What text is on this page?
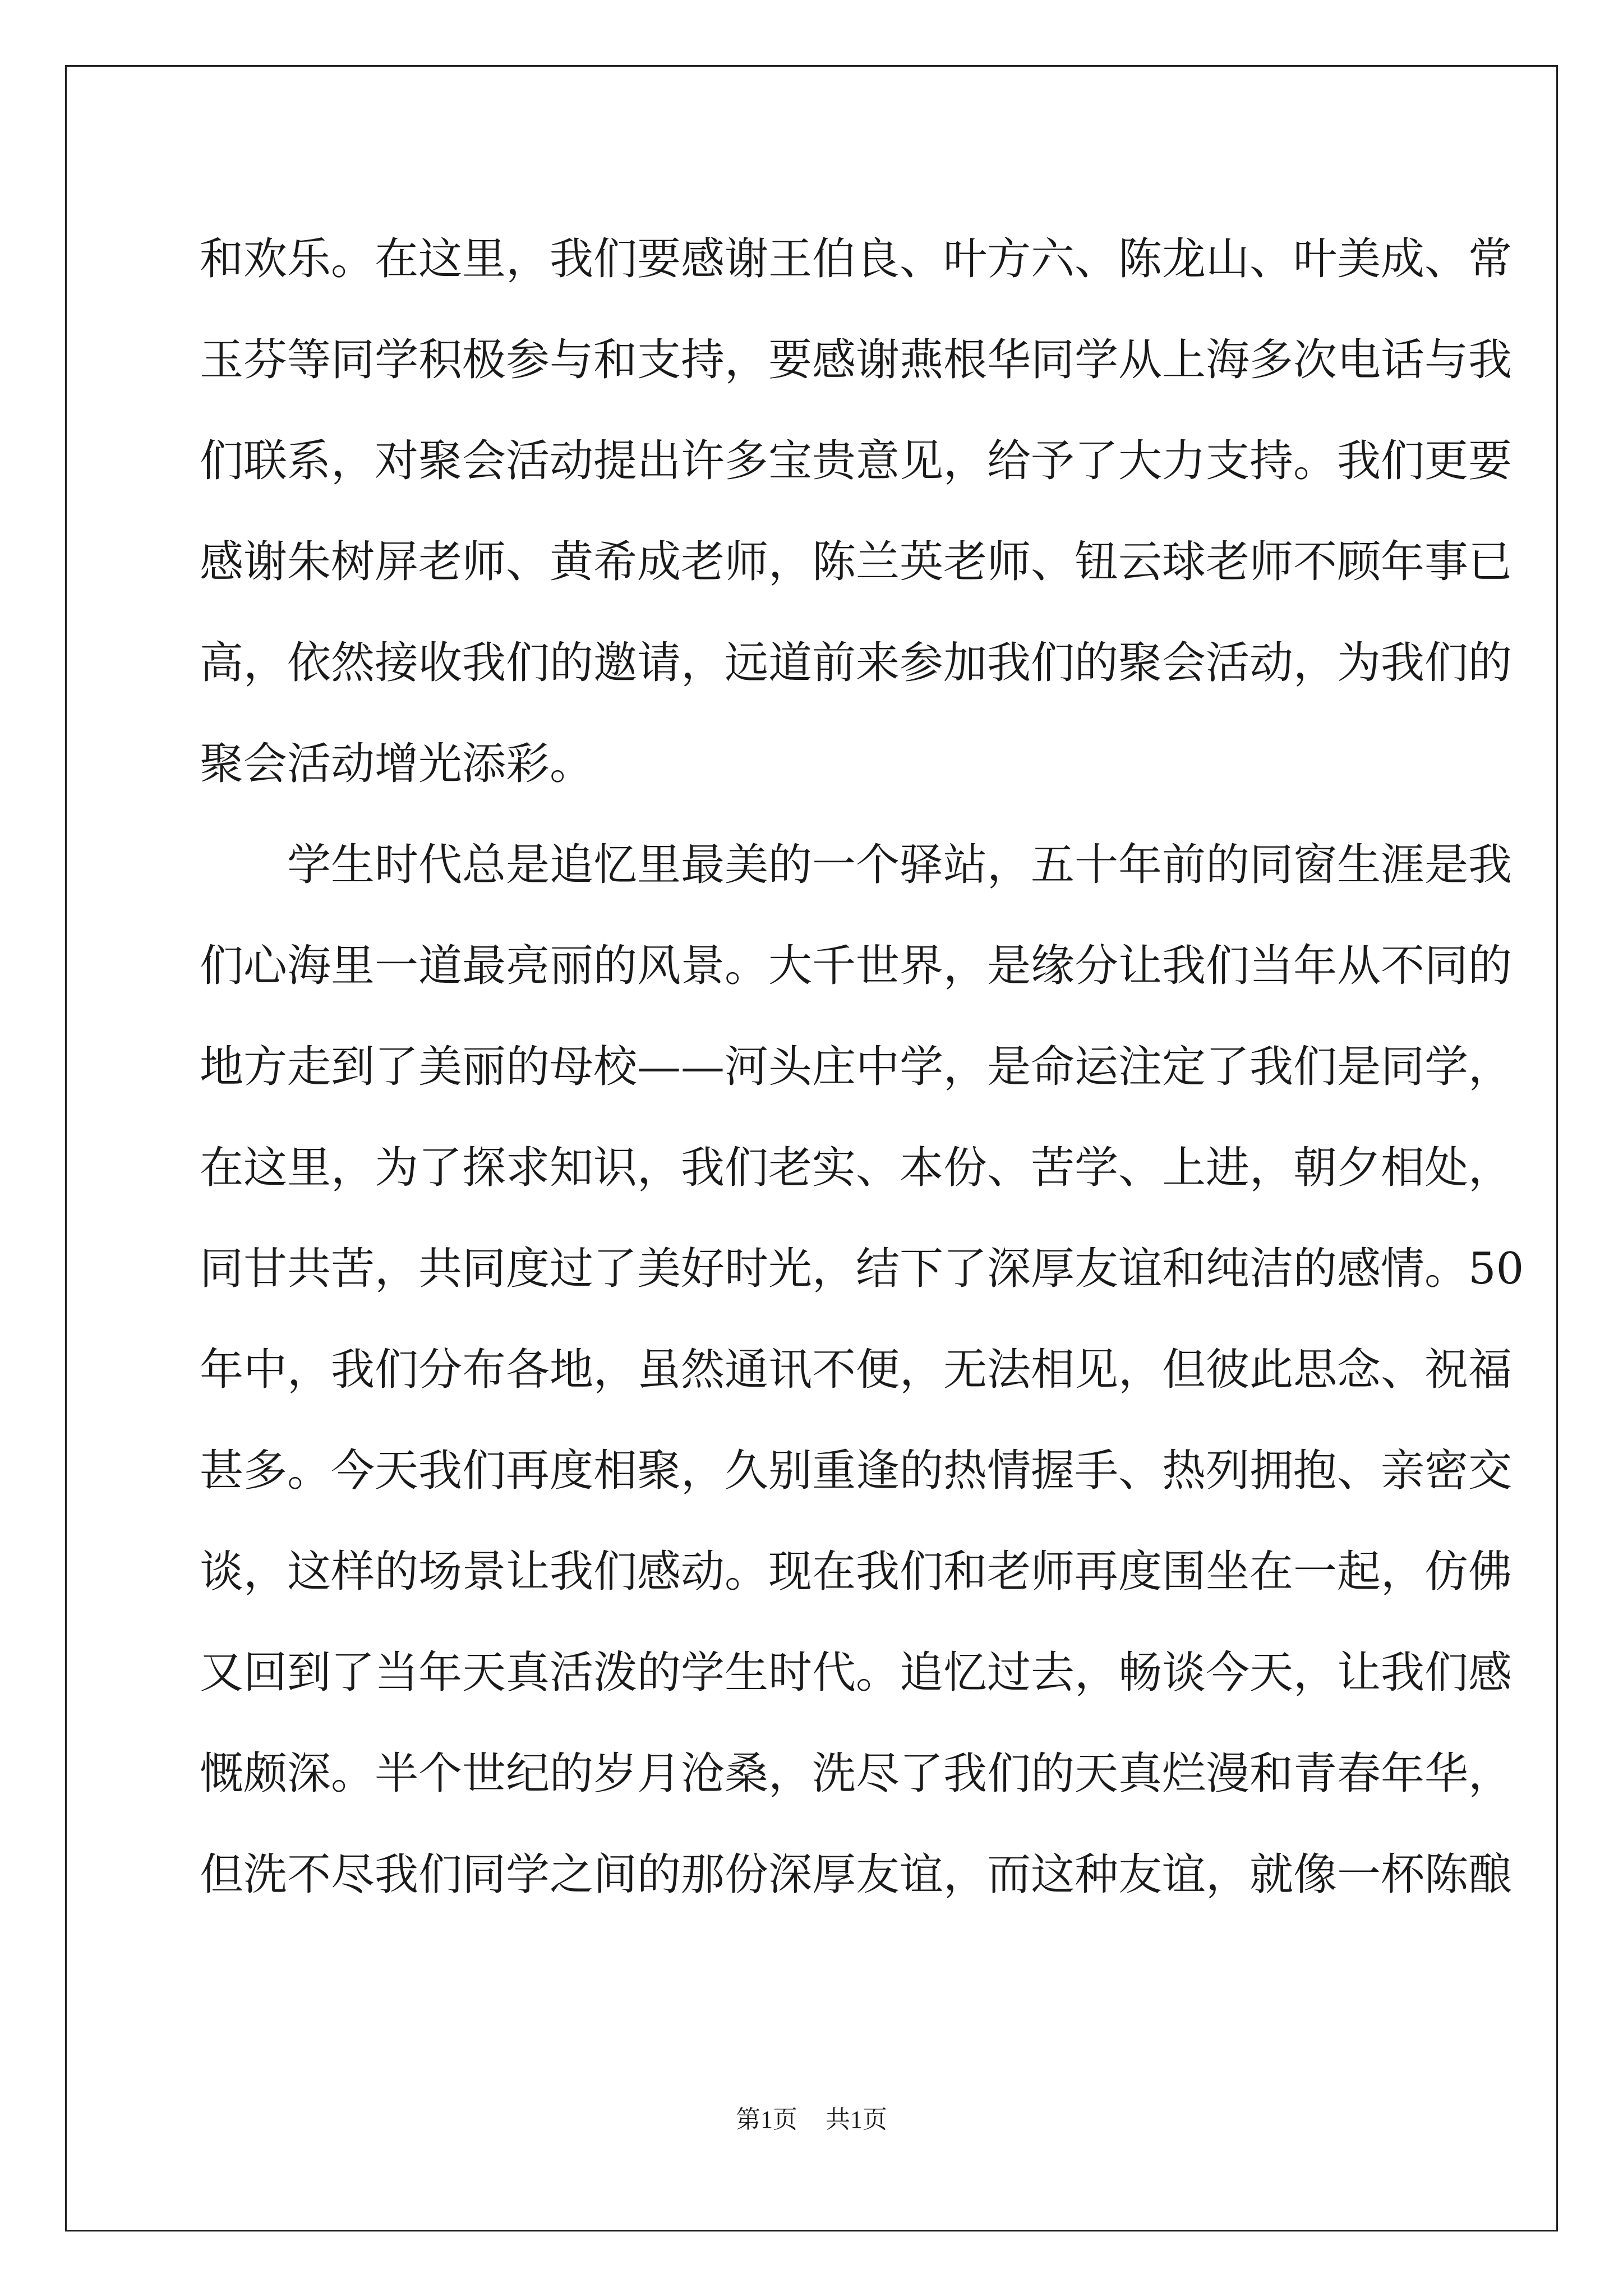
和欢乐。在这里，我们要感谢王伯良、叶方六、陈龙山、叶美成、常
玉芬等同学积极参与和支持，要感谢燕根华同学从上海多次电话与我
们联系，对聚会活动提出许多宝贵意见，给予了大力支持。我们更要
感谢朱树屏老师、黄希成老师，陈兰英老师、钮云球老师不顾年事已
高，依然接收我们的邀请，远道前来参加我们的聚会活动，为我们的
聚会活动增光添彩。
学生时代总是追忆里最美的一个驿站，五十年前的同窗生涯是我
们心海里一道最亮丽的风景。大千世界，是缘分让我们当年从不同的
地方走到了美丽的母校——河头庄中学，是命运注定了我们是同学，
在这里，为了探求知识，我们老实、本份、苦学、上进，朝夕相处，
同甘共苦，共同度过了美好时光，结下了深厚友谊和纯洁的感情。50
年中，我们分布各地，虽然通讯不便，无法相见，但彼此思念、祝福
甚多。今天我们再度相聚，久别重逢的热情握手、热列拥抱、亲密交
谈，这样的场景让我们感动。现在我们和老师再度围坐在一起，仿佛
又回到了当年天真活泼的学生时代。追忆过去，畅谈今天，让我们感
慨颇深。半个世纪的岁月沧桑，洗尽了我们的天真烂漫和青春年华，
但洗不尽我们同学之间的那份深厚友谊，而这种友谊，就像一杯陈酿
第1页 共1页
